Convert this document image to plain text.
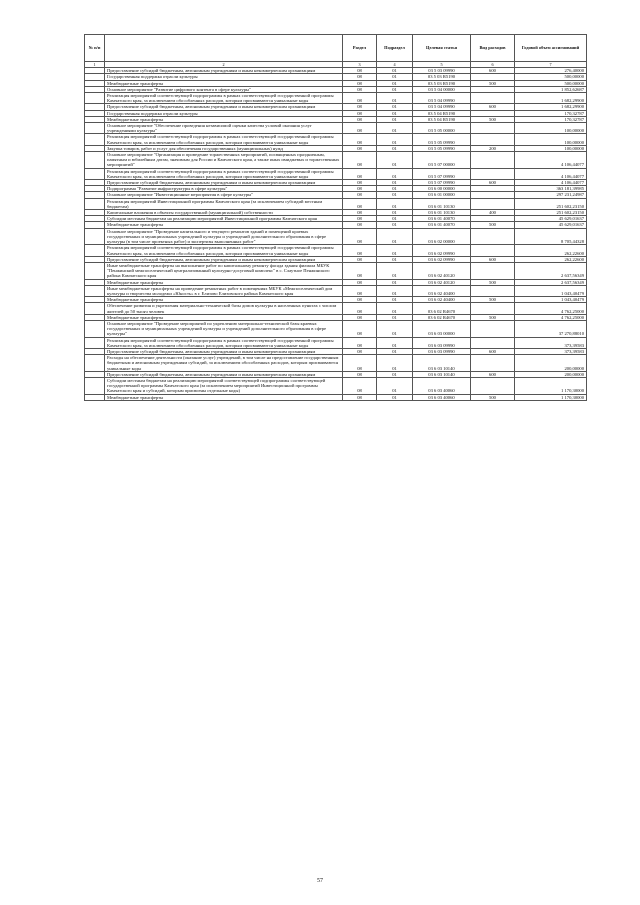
№ п/п		Раздел	Подраздел	Целевая статья	Вид расходов	Годовой объем ассигнований
1	2	3	4	5	6	7
	Предоставление субсидий бюджетным, автономным учреждениям и иным некоммерческим организациям	08	01	03 5 03 09990	600	276,40000
	Государственная поддержка отрасли культуры	08	01	03 5 03 R5190		500,00000
	Межбюджетные трансферты	08	01	03 5 03 R5190	500	500,00000
	Основное мероприятие "Развитие цифрового контента в сфере культуры"	08	01	03 5 04 00000		1 852,62687
	Реализация мероприятий соответствующей подпрограммы в рамках соответствующей государственной программы Камчатского края, за исключением обособленных расходов, которым присваиваются уникальные коды	08	01	03 5 04 09990		1 682,29900
	Предоставление субсидий бюджетным, автономным учреждениям и иным некоммерческим организациям	08	01	03 5 04 09990	600	1 682,29900
	Государственная поддержка отрасли культуры	08	01	03 5 04 R5190		170,32787
	Межбюджетные трансферты	08	01	03 5 04 R5190	500	170,32787
	Основное мероприятие "Обеспечение проведения независимой оценки качества условий оказания услуг учреждениями культуры"	08	01	03 5 05 00000		100,00000
	Реализация мероприятий соответствующей подпрограммы в рамках соответствующей государственной программы Камчатского края, за исключением обособленных расходов, которым присваиваются уникальные коды	08	01	03 5 05 09990		100,00000
	Закупка товаров, работ и услуг для обеспечения государственных (муниципальных) нужд	08	01	03 5 05 09990	200	100,00000
	Основное мероприятие "Организация и проведение торжественных мероприятий, посвященных праздничным, памятным и юбилейным датам, значимым для России и Камчатского края, а также иных имиджевых и торжественных мероприятий"	08	01	03 5 07 00000		4 106,44077
	Реализация мероприятий соответствующей подпрограммы в рамках соответствующей государственной программы Камчатского края, за исключением обособленных расходов, которым присваиваются уникальные коды	08	01	03 5 07 09990		4 106,44077
	Предоставление субсидий бюджетным, автономным учреждениям и иным некоммерческим организациям	08	01	03 5 07 09990	600	4 106,44077
	Подпрограмма "Развитие инфраструктуры в сфере культуры"	08	01	03 6 00 00000		363 181,39985
	Основное мероприятие "Инвестиционные мероприятия в сфере культуры"	08	01	03 6 01 00000		297 231,24987
	Реализация мероприятий Инвестиционной программы Камчатского края (за исключением субсидий местным бюджетам)	08	01	03 6 01 10130		251 602,23150
	Капитальные вложения в объекты государственной (муниципальной) собственности	08	01	03 6 01 10130	400	251 602,23150
	Субсидии местным бюджетам на реализацию мероприятий Инвестиционной программы Камчатского края	08	01	03 6 01 40070		45 629,01637
	Межбюджетные трансферты	08	01	03 6 01 40070	500	45 629,01637
	Основное мероприятие "Проведение капитального и текущего ремонтов зданий и помещений краевых государственных и муниципальных учреждений культуры и учреждений дополнительного образования в сфере культуры (в том числе проектных работ) и экспертизы выполненных работ"	08	01	03 6 02 00000		8 705,44328
	Реализация мероприятий соответствующей подпрограммы в рамках соответствующей государственной программы Камчатского края, за исключением обособленных расходов, которым присваиваются уникальные коды	08	01	03 6 02 09990		262,22600
	Предоставление субсидий бюджетным, автономным учреждениям и иным некоммерческим организациям	08	01	03 6 02 09990	600	262,22600
	Иные межбюджетные трансферты на выполнение работ по капитальному ремонту фасада здания филиала МБУК "Пенжинский межпоселенческий централизованный культурно-досуговый комплекс" в с. Слаутное Пенжинского района Камчатского края	08	01	03 6 02 40120		2 637,56349
	Межбюджетные трансферты	08	01	03 6 02 40120	500	2 637,56349
	Иные межбюджетные трансферты на проведение ремонтных работ в помещениях МБУК «Межпоселенческий дом культуры и творчества молодежи «Юность» в г. Елизово Елизовского района Камчатского края	08	01	03 6 02 40400		1 043,40479
	Межбюджетные трансферты	08	01	03 6 02 40400	500	1 043,40479
	Обеспечение развития и укрепления материально-технической базы домов культуры в населенных пунктах с числом жителей до 50 тысяч человек	08	01	03 6 02 R4670		4 762,25000
	Межбюджетные трансферты	08	01	03 6 02 R4670	500	4 762,25000
	Основное мероприятие "Проведение мероприятий по укреплению материально-технической базы краевых государственных и муниципальных учреждений культуры и учреждений дополнительного образования в сфере культуры"	08	01	03 6 03 00000		37 270,88010
	Реализация мероприятий соответствующей подпрограммы в рамках соответствующей государственной программы Камчатского края, за исключением обособленных расходов, которым присваиваются уникальные коды	08	01	03 6 03 09990		373,39583
	Предоставление субсидий бюджетным, автономным учреждениям и иным некоммерческим организациям	08	01	03 6 03 09990	600	373,39583
	Расходы на обеспечение деятельности (оказание услуг) учреждений, в том числе на предоставление государственным бюджетным и автономным учреждениям субсидий, за исключением обособленных расходов, которым присваиваются уникальные коды	08	01	03 6 03 10140		200,00000
	Предоставление субсидий бюджетным, автономным учреждениям и иным некоммерческим организациям	08	01	03 6 03 10140	600	200,00000
	Субсидии местным бюджетам на реализацию мероприятий соответствующей подпрограммы соответствующей государственной программы Камчатского края (за исключением мероприятий Инвестиционной программы Камчатского края и субсидий, которым присвоены отдельные коды)	08	01	03 6 03 40060		1 170,30000
	Межбюджетные трансферты	08	01	03 6 03 40060	500	1 170,30000
57
